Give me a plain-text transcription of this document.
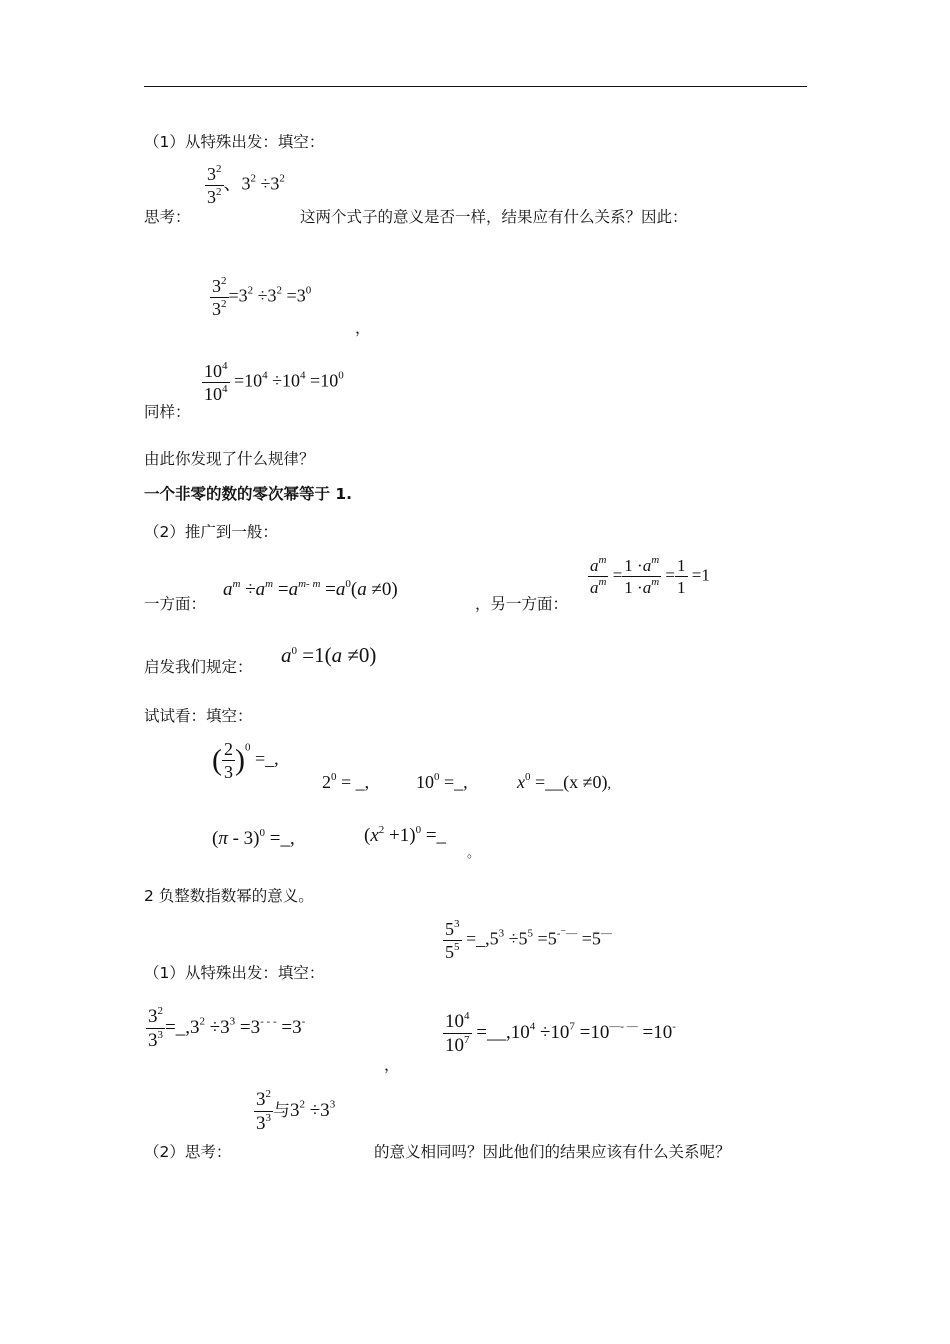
（1）从特殊出发：填空：
思考：
$\frac{3^2}{3^2}$ 、$3^2 \div 3^2$
这两个式子的意义是否一样，结果应有什么关系？因此：
$\frac{3^2}{3^2} =3^2 \div 3^2 =3^0$
，
同样：
$\frac{10^4}{10^4} =10^4 \div 10^4 =10^0$
由此你发现了什么规律？
一个非零的数的零次幂等于 1.
（2）推广到一般：
一方面：
$a^m \div a^m =a^{m- m} =a^0(a \ne 0)$
，另一方面：
$\frac{a^m}{a^m} = \frac{1 \cdot a^m}{1 \cdot a^m} = \frac{1}{1} =1$
启发我们规定： $a^0 =1(a \ne 0)$
试试看：填空：
( $\frac{2}{3} )^0$ =_,
$2^0$ = _,	$10^0$ =_,	$x^0$ =__(x ≠0),
(π - 3)$^0$ =_,	$(x^2 +1)^0$ =_
。
2 负整数指数幂的意义。
$\frac{5^3}{5^5}$ $=\_,5^3 \div 5^5 =5^{-^-—} =5^—$
（1）从特殊出发：填空：
$\frac{3^2}{3^3}$ $=\_,3^2 \div 3^3 =3^{- - -} =3^-$
，
$\frac{10^4}{10^7}$ $=\_\_,10^4 \div 10^7 =10^{—- —} =10^-$
（2）思考：
$\frac{3^2}{3^3}$ 与$3^2 \div 3^3$
的意义相同吗？因此他们的结果应该有什么关系呢？
